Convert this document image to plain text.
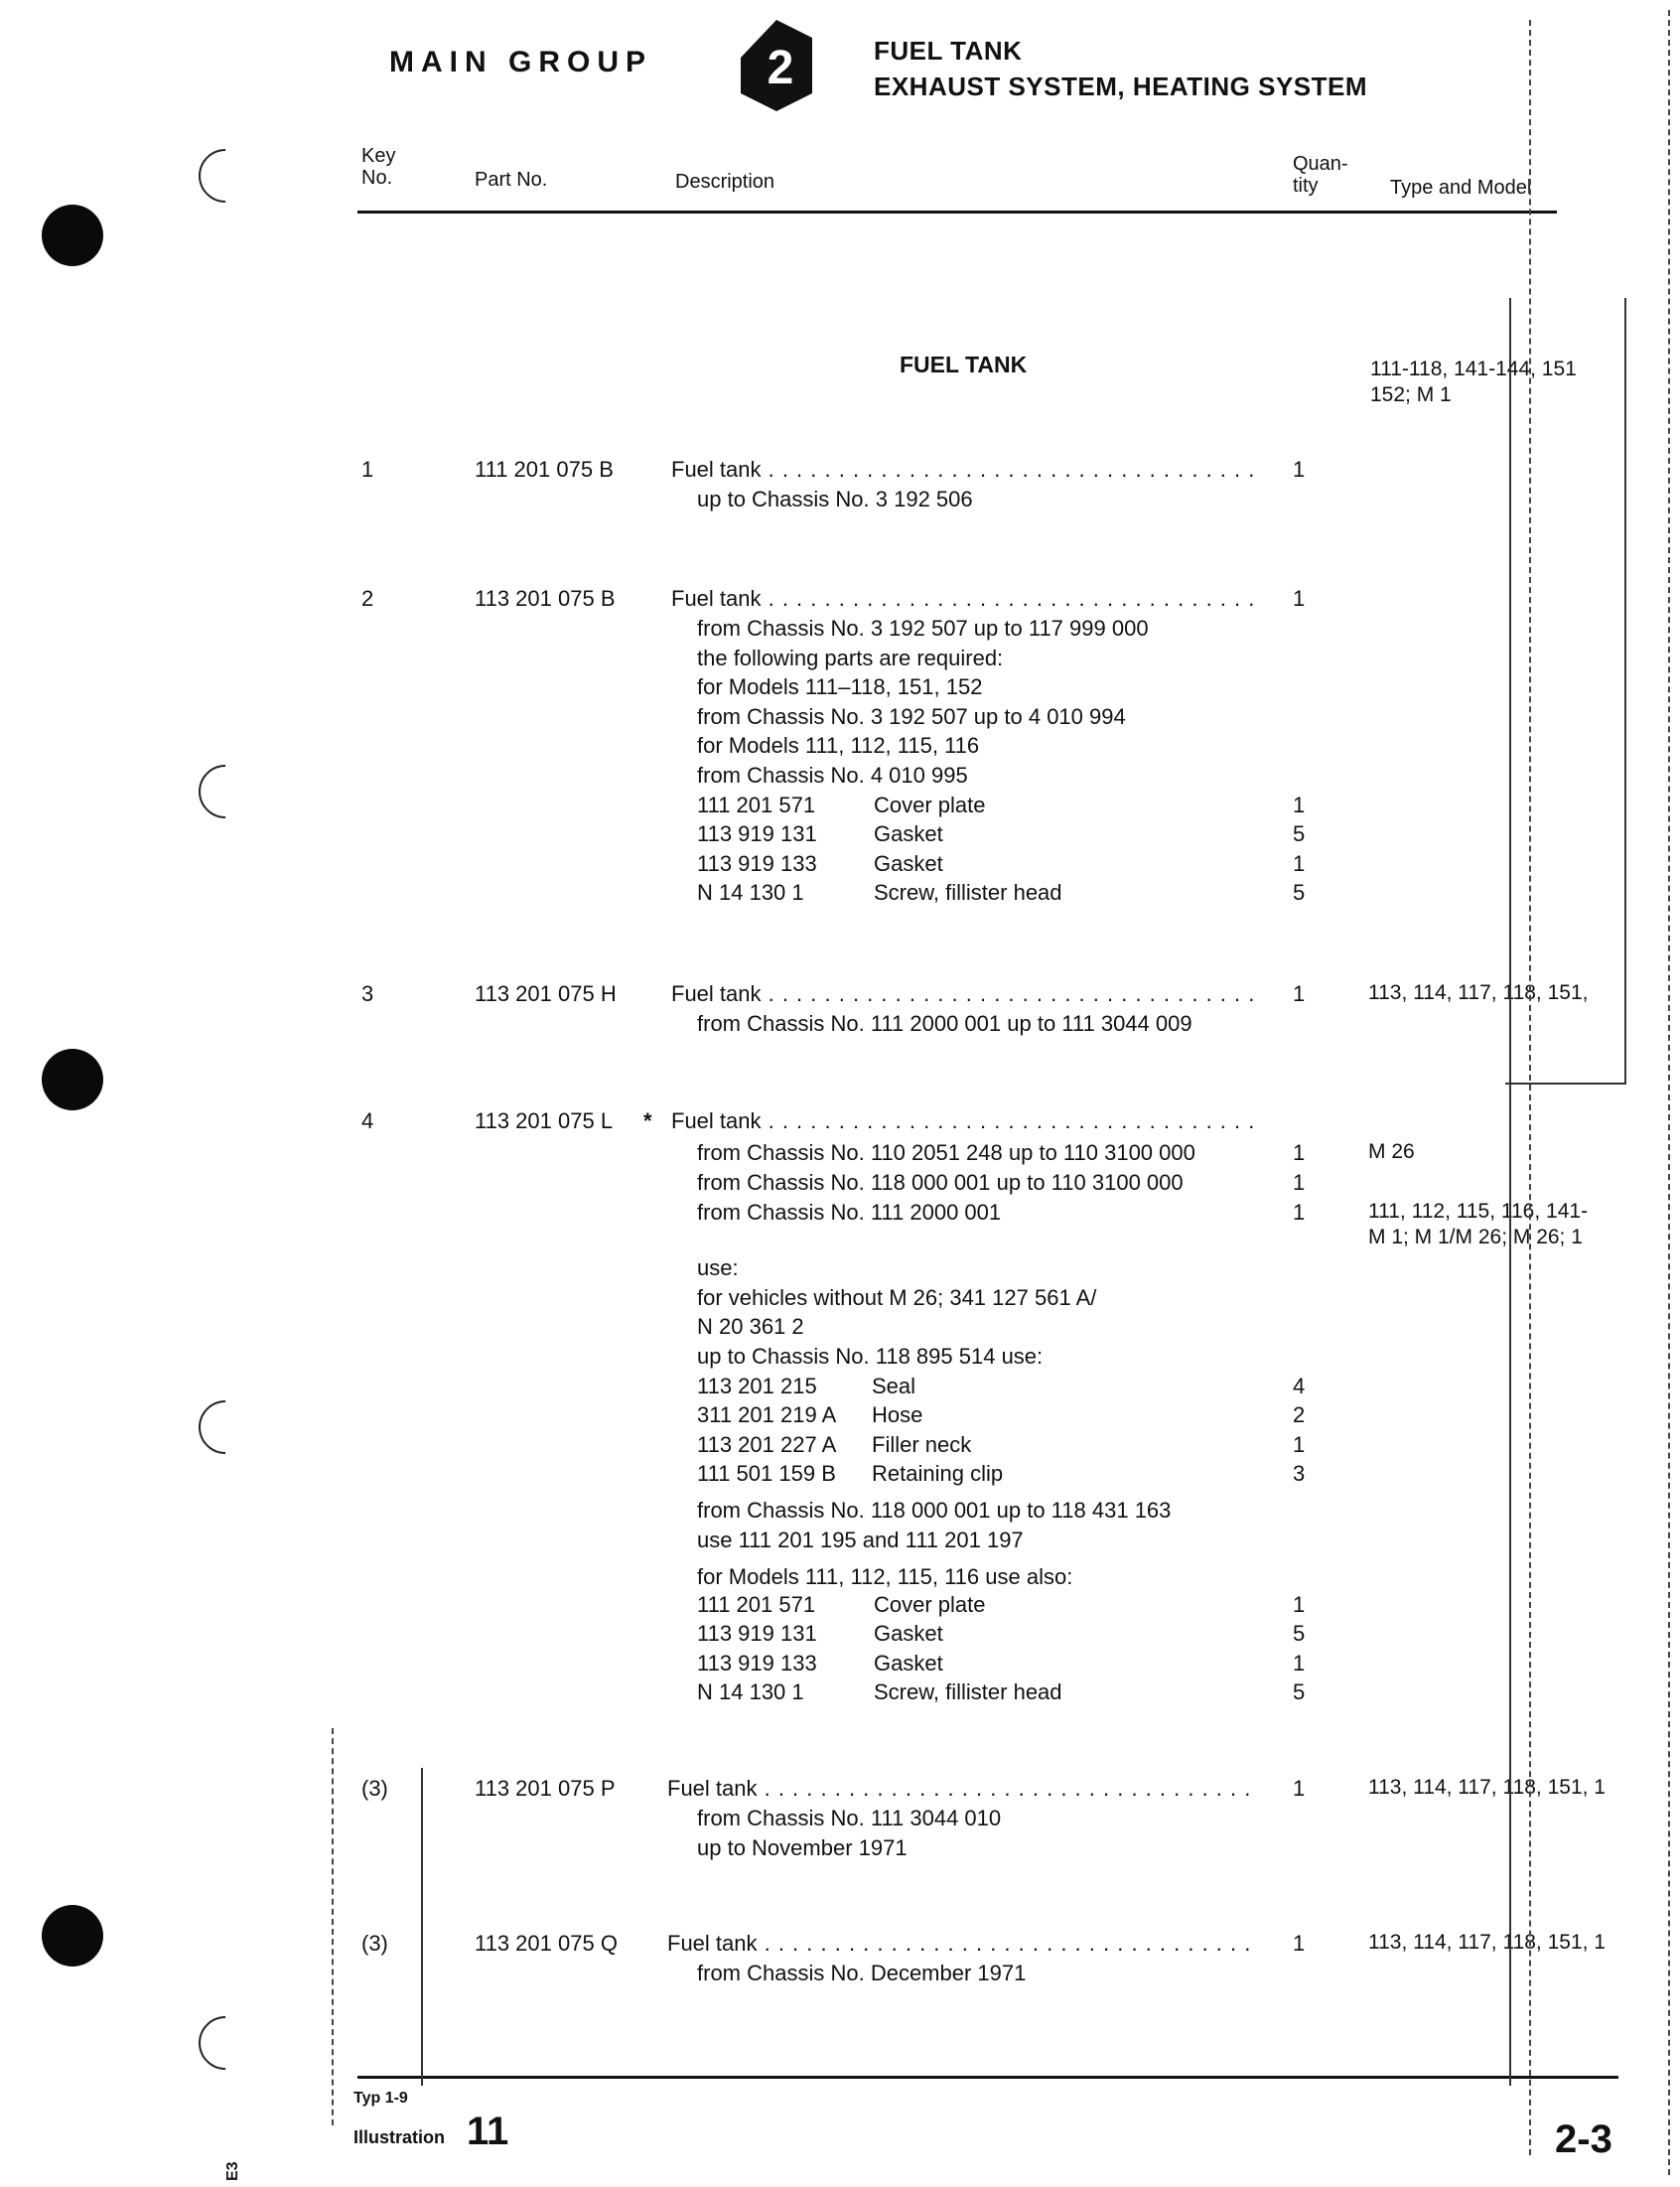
MAIN GROUP 2	FUEL TANK
EXHAUST SYSTEM, HEATING SYSTEM
Key
No.	Part No.	Description
Quan-
tity	Type and Model
FUEL TANK	111-118, 141-144, 151
152; M 1
1	111 201 075 B	Fuel tank . . .	1
up to Chassis No. 3 192 506
2	113 201 075 B	Fuel tank . . .	1
from Chassis No. 3 192 507 up to 117 999 000
the following parts are required:
for Models 111–118, 151, 152
from Chassis No. 3 192 507 up to 4 010 994
for Models 111, 112, 115, 116
from Chassis No. 4 010 995
111 201 571	Cover plate	1
113 919 131	Gasket	5
113 919 133	Gasket	1
N 14 130 1	Screw, fillister head	5
3	113 201 075 H	Fuel tank . . .	1	113, 114, 117, 118, 151,
from Chassis No. 111 2000 001 up to 111 3044 009
4	113 201 075 L * Fuel tank . . .
from Chassis No. 110 2051 248 up to 110 3100 000	1	M 26
from Chassis No. 118 000 001 up to 110 3100 000	1
from Chassis No. 111 2000 001	1	111, 112, 115, 116, 141-
M 1; M 1/M 26; M 26; 1
use:
for vehicles without M 26; 341 127 561 A/
N 20 361 2
up to Chassis No. 118 895 514 use:
113 201 215	Seal	4
311 201 219 A Hose	2
113 201 227 A Filler neck	1
111 501 159 B Retaining clip	3
from Chassis No. 118 000 001 up to 118 431 163
use 111 201 195 and 111 201 197
for Models 111, 112, 115, 116 use also:
111 201 571	Cover plate	1
113 919 131	Gasket	5
113 919 133	Gasket	1
N 14 130 1	Screw, fillister head	5
(3)	113 201 075 P Fuel tank . . .	1	113, 114, 117, 118, 151, 1
from Chassis No. 111 3044 010
up to November 1971
(3)	113 201 075 Q Fuel tank . . .	1	113, 114, 117, 118, 151, 1
from Chassis No. December 1971
Typ 1-9
Illustration 11	2-3
E3
